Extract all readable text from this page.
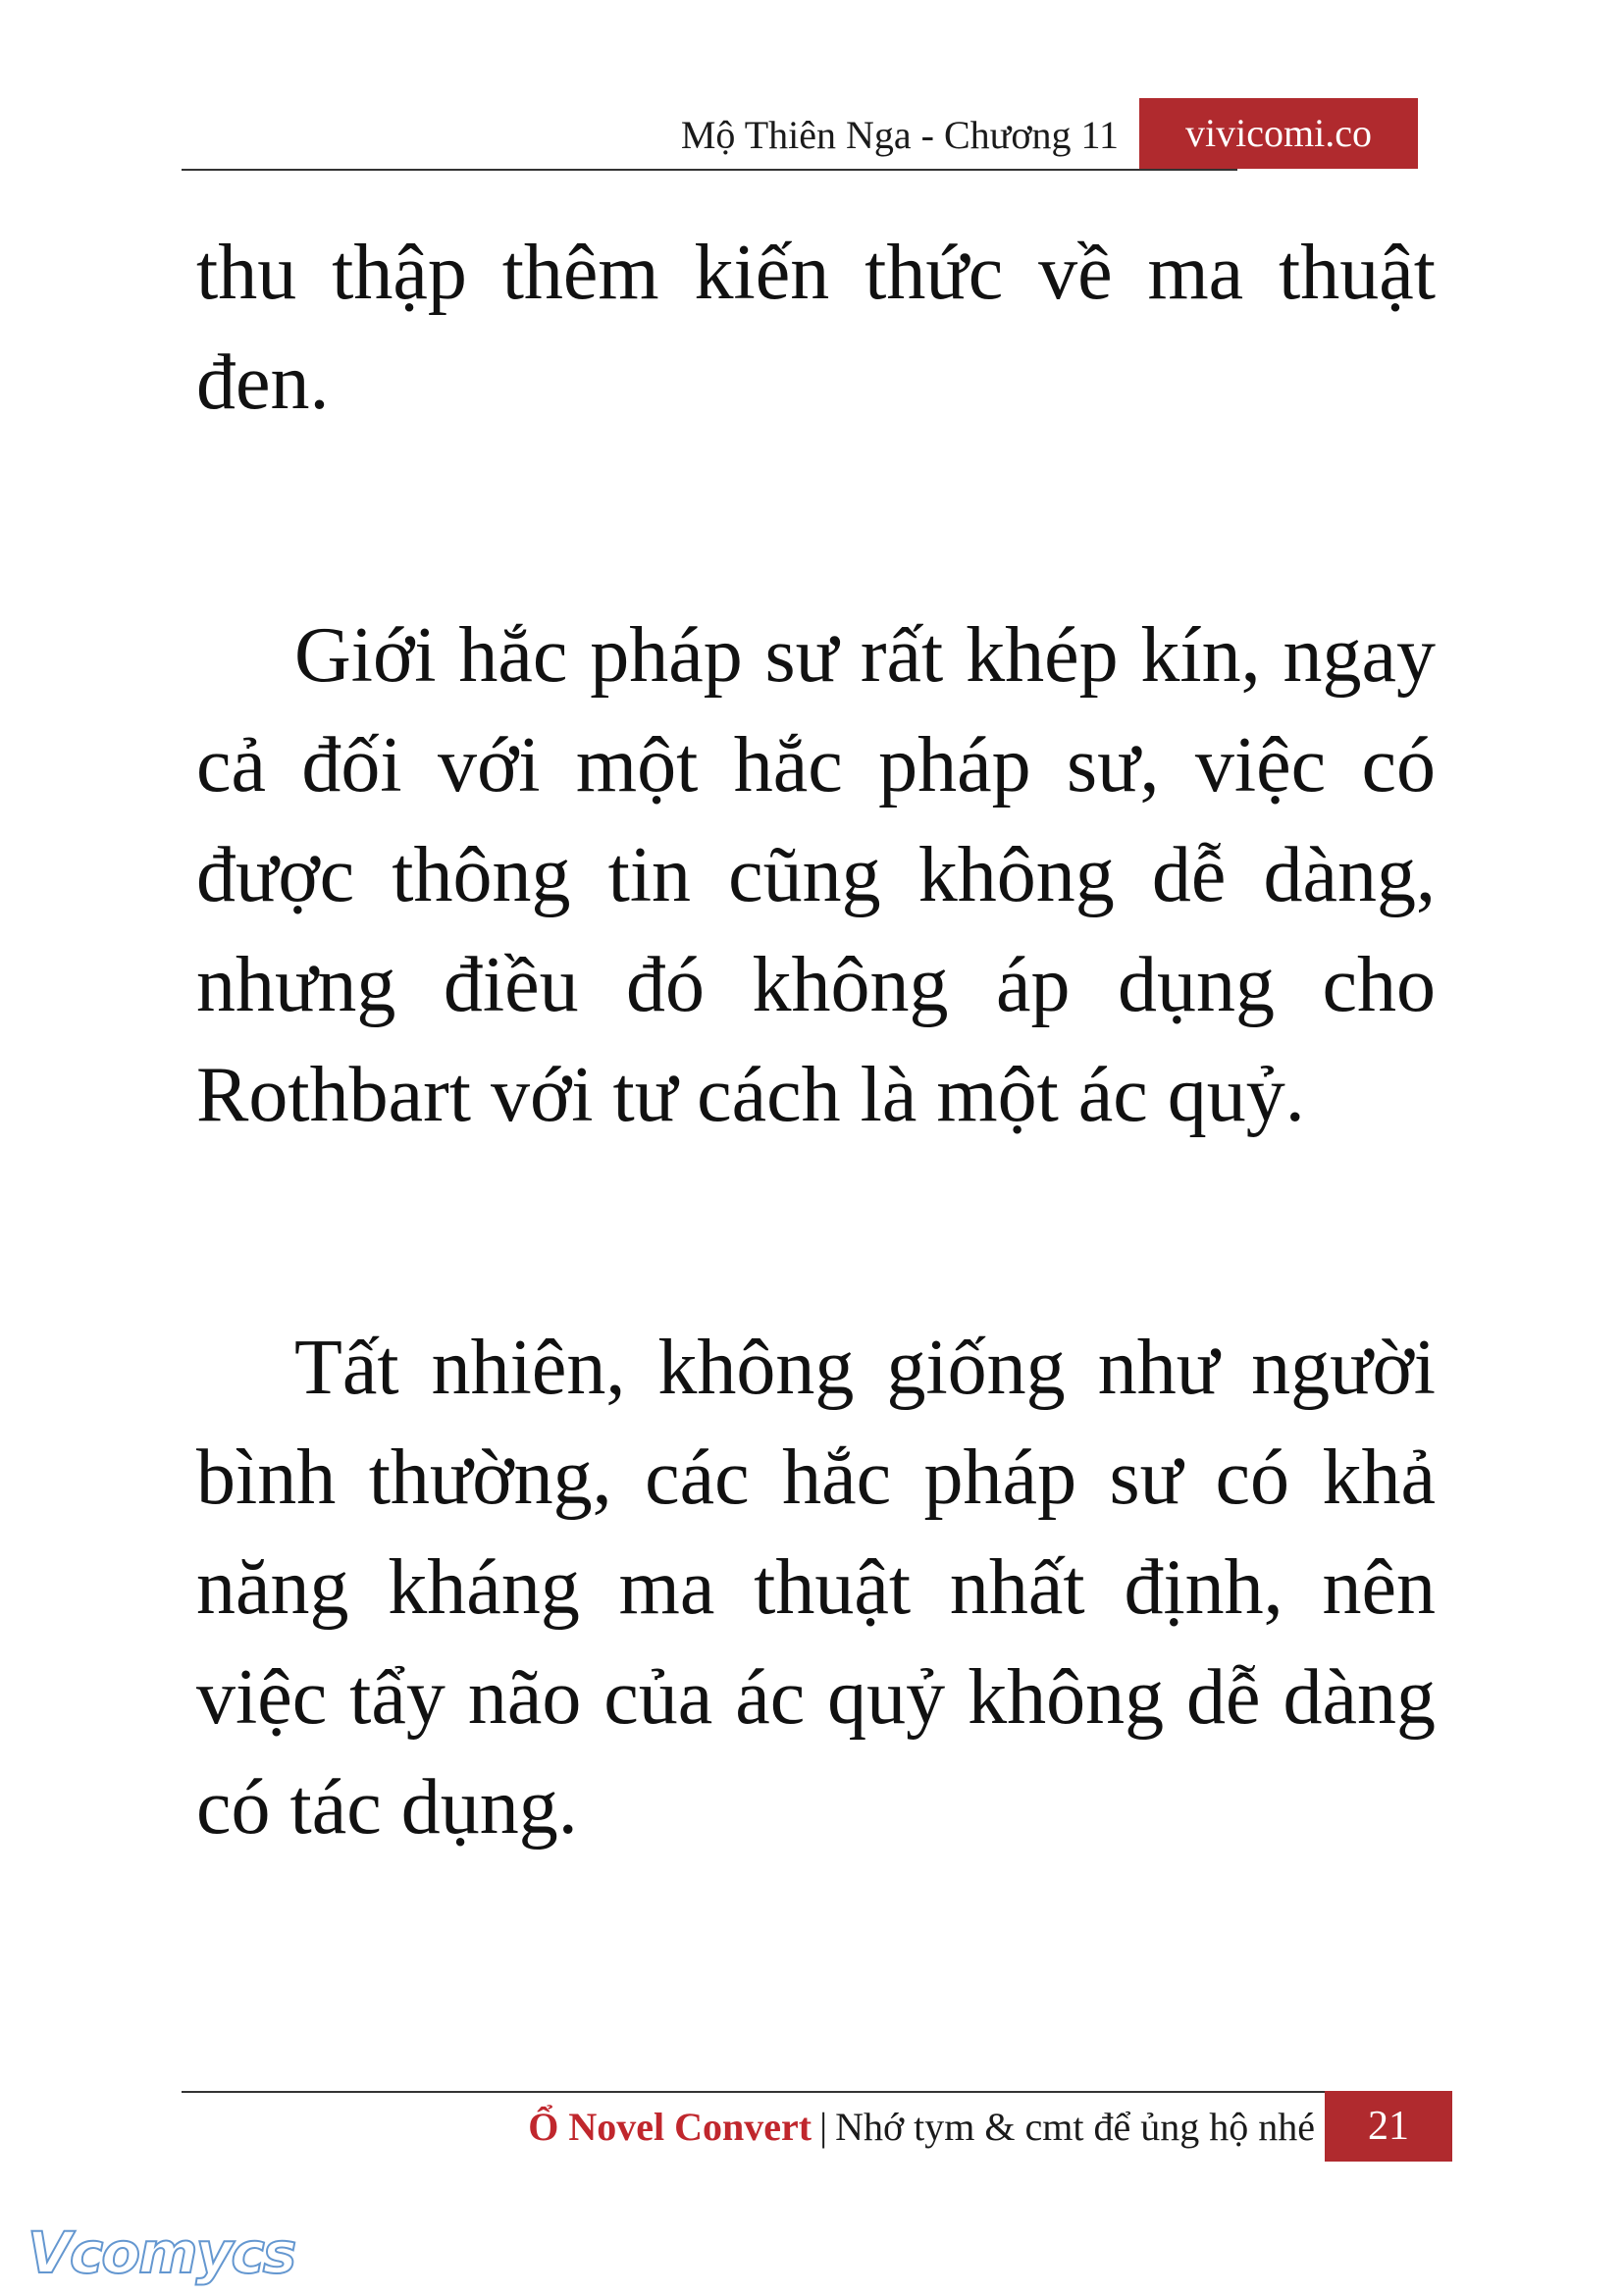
Mộ Thiên Nga - Chương 11	vivicomi.co

thu thập thêm kiến thức về ma thuật đen.

Giới hắc pháp sư rất khép kín, ngay cả đối với một hắc pháp sư, việc có được thông tin cũng không dễ dàng, nhưng điều đó không áp dụng cho Rothbart với tư cách là một ác quỷ.

Tất nhiên, không giống như người bình thường, các hắc pháp sư có khả năng kháng ma thuật nhất định, nên việc tẩy não của ác quỷ không dễ dàng có tác dụng.

Ổ Novel Convert | Nhớ tym & cmt để ủng hộ nhé	21
Vcomycs
